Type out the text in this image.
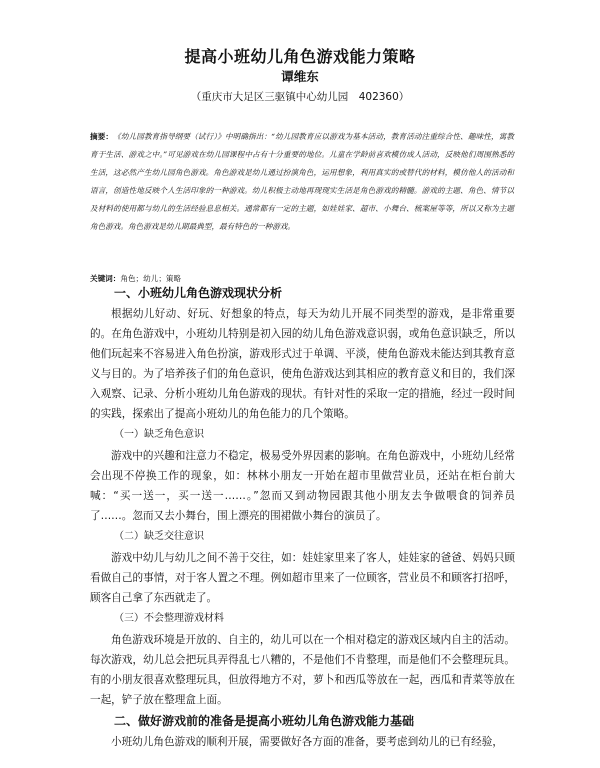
提高小班幼儿角色游戏能力策略
谭维东
（重庆市大足区三驱镇中心幼儿园　402360）
摘要：《幼儿园教育指导纲要（试行）》中明确指出：“幼儿园教育应以游戏为基本活动，教育活动注重综合性、趣味性，寓教育于生活、游戏之中。”可见游戏在幼儿园课程中占有十分重要的地位。儿童在学龄前喜欢模仿成人活动，反映他们周围熟悉的生活，这必然产生幼儿园角色游戏。角色游戏是幼儿通过扮演角色，运用想象，利用真实的或替代的材料，模仿他人的活动和语言，创造性地反映个人生活印象的一种游戏。幼儿积极主动地再现现实生活是角色游戏的精髓。游戏的主题、角色、情节以及材料的使用都与幼儿的生活经验息息相关。通常都有一定的主题，如娃娃家、超市、小舞台、梳案屋等等，所以又称为主题角色游戏。角色游戏是幼儿期最典型，最有特色的一种游戏。
关键词：角色；幼儿；策略
一、小班幼儿角色游戏现状分析

根据幼儿好动、好玩、好想象的特点，每天为幼儿开展不同类型的游戏，是非常重要的。在角色游戏中，小班幼儿特别是初入园的幼儿角色游戏意识弱，或角色意识缺乏，所以他们玩起来不容易进入角色扮演，游戏形式过于单调、平淡，使角色游戏未能达到其教育意义与目的。为了培养孩子们的角色意识，使角色游戏达到其相应的教育意义和目的，我们深入观察、记录、分析小班幼儿角色游戏的现状。有针对性的采取一定的措施，经过一段时间的实践，探索出了提高小班幼儿的角色能力的几个策略。

（一）缺乏角色意识

游戏中的兴趣和注意力不稳定，极易受外界因素的影响。在角色游戏中，小班幼儿经常会出现不停换工作的现象，如：林林小朋友一开始在超市里做营业员，还站在柜台前大喊：“买一送一，买一送一……。”忽而又到动物园跟其他小朋友去争做喂食的饲养员了……。忽而又去小舞台，围上漂亮的围裙做小舞台的演员了。

（二）缺乏交往意识

游戏中幼儿与幼儿之间不善于交往，如：娃娃家里来了客人，娃娃家的爸爸、妈妈只顾看做自己的事情，对于客人置之不理。例如超市里来了一位顾客，营业员不和顾客打招呼，顾客自己拿了东西就走了。

（三）不会整理游戏材料

角色游戏环境是开放的、自主的，幼儿可以在一个相对稳定的游戏区域内自主的活动。每次游戏，幼儿总会把玩具弄得乱七八糟的，不是他们不肯整理，而是他们不会整理玩具。有的小朋友很喜欢整理玩具，但放得地方不对，萝卜和西瓜等放在一起，西瓜和青菜等放在一起，铲子放在整理盒上面。

二、做好游戏前的准备是提高小班幼儿角色游戏能力基础

小班幼儿角色游戏的顺利开展，需要做好各方面的准备，要考虑到幼儿的已有经验，
